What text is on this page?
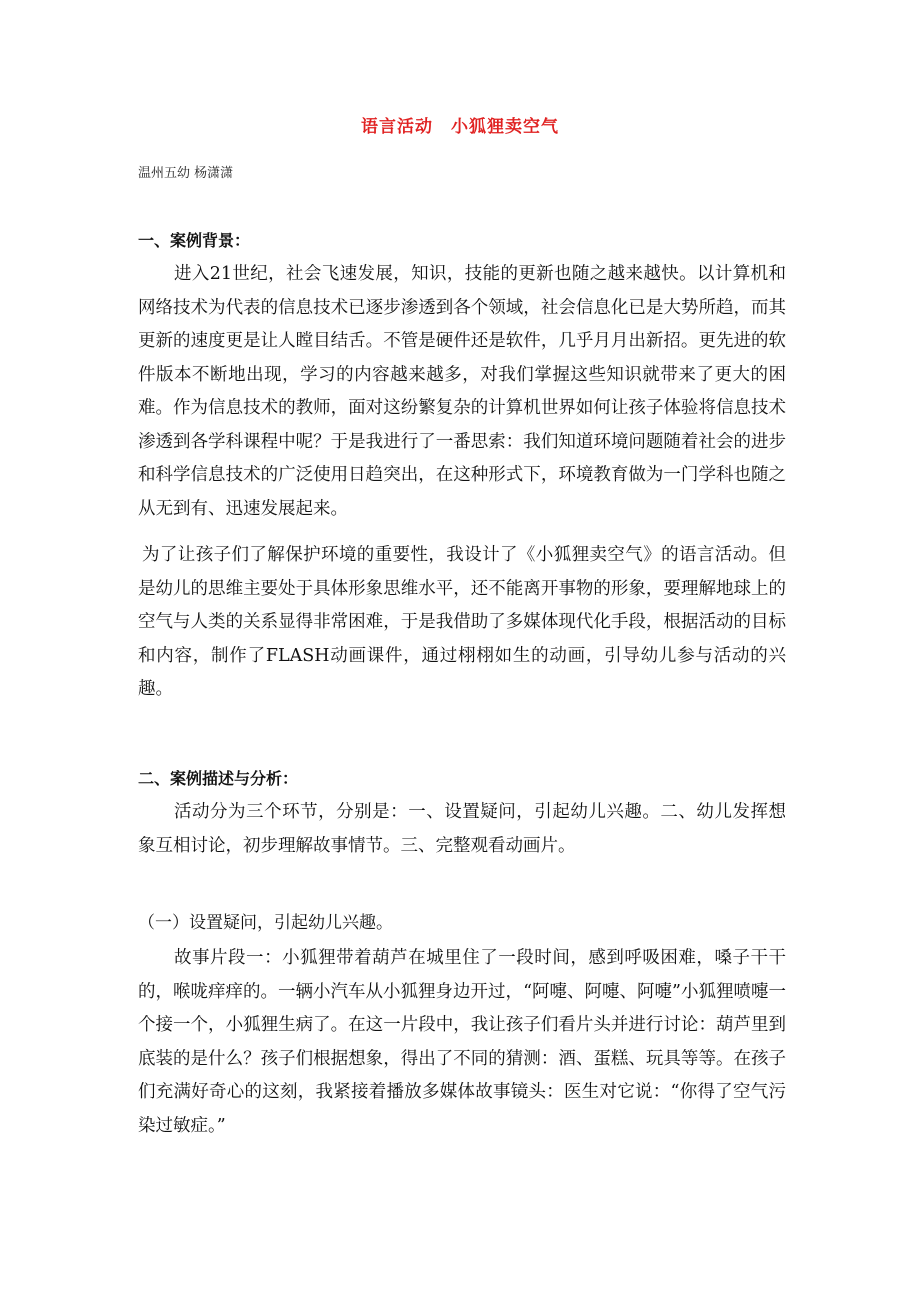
语言活动 小狐狸卖空气
温州五幼 杨潇潇
一、案例背景：
进入21世纪，社会飞速发展，知识，技能的更新也随之越来越快。以计算机和网络技术为代表的信息技术已逐步渗透到各个领域，社会信息化已是大势所趋，而其更新的速度更是让人瞠目结舌。不管是硬件还是软件，几乎月月出新招。更先进的软件版本不断地出现，学习的内容越来越多，对我们掌握这些知识就带来了更大的困难。作为信息技术的教师，面对这纷繁复杂的计算机世界如何让孩子体验将信息技术渗透到各学科课程中呢？于是我进行了一番思索：我们知道环境问题随着社会的进步和科学信息技术的广泛使用日趋突出，在这种形式下，环境教育做为一门学科也随之从无到有、迅速发展起来。
为了让孩子们了解保护环境的重要性，我设计了《小狐狸卖空气》的语言活动。但是幼儿的思维主要处于具体形象思维水平，还不能离开事物的形象，要理解地球上的空气与人类的关系显得非常困难，于是我借助了多媒体现代化手段，根据活动的目标和内容，制作了FLASH动画课件，通过栩栩如生的动画，引导幼儿参与活动的兴趣。
二、案例描述与分析：
活动分为三个环节，分别是：一、设置疑问，引起幼儿兴趣。二、幼儿发挥想象互相讨论，初步理解故事情节。三、完整观看动画片。
（一）设置疑问，引起幼儿兴趣。
故事片段一：小狐狸带着葫芦在城里住了一段时间，感到呼吸困难，嗓子干干的，喉咙痒痒的。一辆小汽车从小狐狸身边开过，“阿嚏、阿嚏、阿嚏”小狐狸喷嚏一个接一个，小狐狸生病了。在这一片段中，我让孩子们看片头并进行讨论：葫芦里到底装的是什么？孩子们根据想象，得出了不同的猜测：酒、蛋糕、玩具等等。在孩子们充满好奇心的这刻，我紧接着播放多媒体故事镜头：医生对它说：“你得了空气污染过敏症。”
